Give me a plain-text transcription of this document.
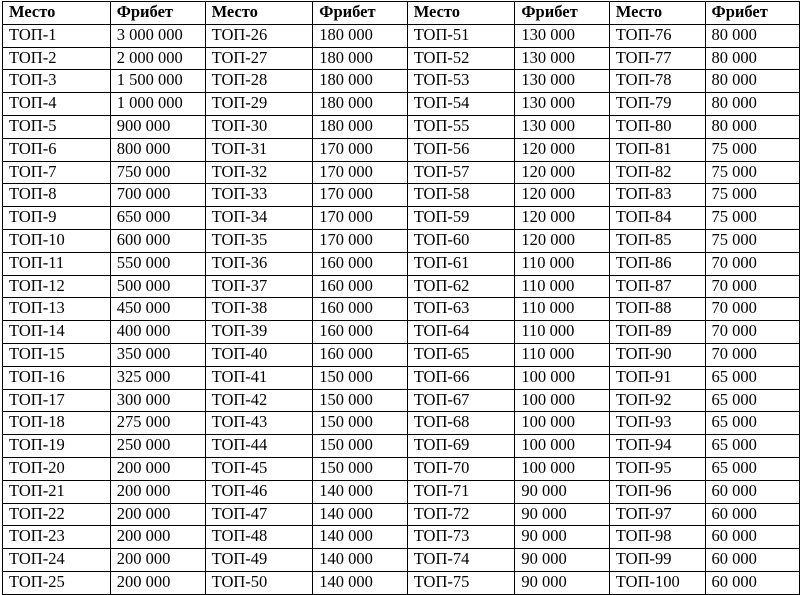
Место	Фрибет	Место	Фрибет	Место	Фрибет	Место	Фрибет
ТОП-1	3 000 000	ТОП-26	180 000	ТОП-51	130 000	ТОП-76	80 000
ТОП-2	2 000 000	ТОП-27	180 000	ТОП-52	130 000	ТОП-77	80 000
ТОП-3	1 500 000	ТОП-28	180 000	ТОП-53	130 000	ТОП-78	80 000
ТОП-4	1 000 000	ТОП-29	180 000	ТОП-54	130 000	ТОП-79	80 000
ТОП-5	900 000	ТОП-30	180 000	ТОП-55	130 000	ТОП-80	80 000
ТОП-6	800 000	ТОП-31	170 000	ТОП-56	120 000	ТОП-81	75 000
ТОП-7	750 000	ТОП-32	170 000	ТОП-57	120 000	ТОП-82	75 000
ТОП-8	700 000	ТОП-33	170 000	ТОП-58	120 000	ТОП-83	75 000
ТОП-9	650 000	ТОП-34	170 000	ТОП-59	120 000	ТОП-84	75 000
ТОП-10	600 000	ТОП-35	170 000	ТОП-60	120 000	ТОП-85	75 000
ТОП-11	550 000	ТОП-36	160 000	ТОП-61	110 000	ТОП-86	70 000
ТОП-12	500 000	ТОП-37	160 000	ТОП-62	110 000	ТОП-87	70 000
ТОП-13	450 000	ТОП-38	160 000	ТОП-63	110 000	ТОП-88	70 000
ТОП-14	400 000	ТОП-39	160 000	ТОП-64	110 000	ТОП-89	70 000
ТОП-15	350 000	ТОП-40	160 000	ТОП-65	110 000	ТОП-90	70 000
ТОП-16	325 000	ТОП-41	150 000	ТОП-66	100 000	ТОП-91	65 000
ТОП-17	300 000	ТОП-42	150 000	ТОП-67	100 000	ТОП-92	65 000
ТОП-18	275 000	ТОП-43	150 000	ТОП-68	100 000	ТОП-93	65 000
ТОП-19	250 000	ТОП-44	150 000	ТОП-69	100 000	ТОП-94	65 000
ТОП-20	200 000	ТОП-45	150 000	ТОП-70	100 000	ТОП-95	65 000
ТОП-21	200 000	ТОП-46	140 000	ТОП-71	90 000	ТОП-96	60 000
ТОП-22	200 000	ТОП-47	140 000	ТОП-72	90 000	ТОП-97	60 000
ТОП-23	200 000	ТОП-48	140 000	ТОП-73	90 000	ТОП-98	60 000
ТОП-24	200 000	ТОП-49	140 000	ТОП-74	90 000	ТОП-99	60 000
ТОП-25	200 000	ТОП-50	140 000	ТОП-75	90 000	ТОП-100	60 000
